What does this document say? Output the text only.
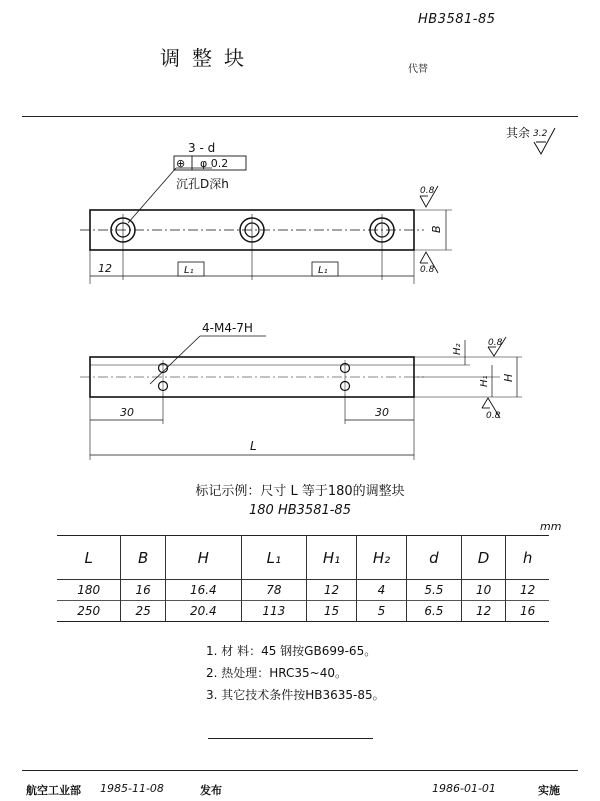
HB3581-85
调整块	代替
其余 3.2
3 - d
⊕ φ 0.2
沉孔D深h
12	L₁	L₁
B
0.8
0.8
4-M4-7H
30	30
L
H₂
H₁ H
0.8
0.8
标记示例：尺寸 L 等于180的调整块
180 HB3581-85
mm
L	B	H	L₁	H₁	H₂	d	D	h
180	16	16.4	78	12	4	5.5	10	12
250	25	20.4	113	15	5	6.5	12	16
1. 材 料：45 钢按GB699-65。
2. 热处理：HRC35~40。
3. 其它技术条件按HB3635-85。
航空工业部 1985-11-08	发布	1986-01-01	实施
